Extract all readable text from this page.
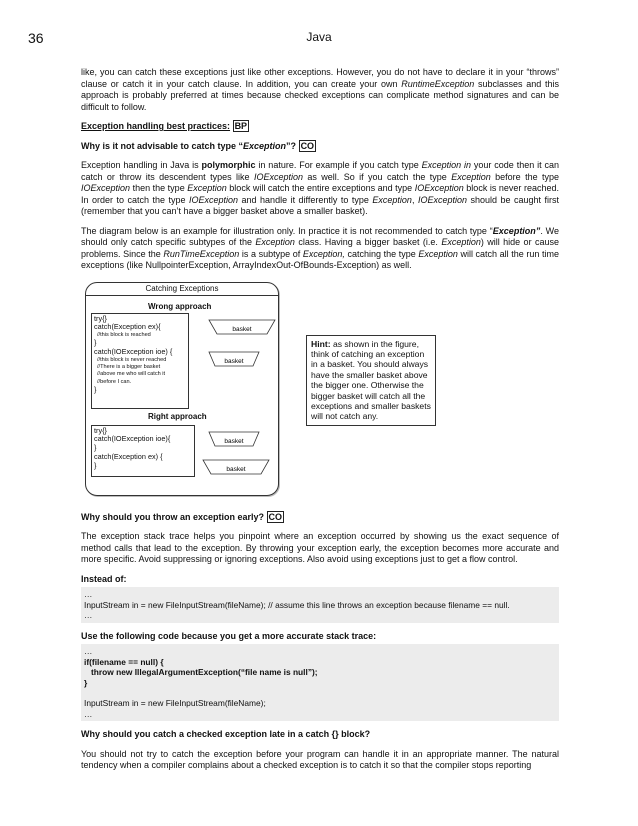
36	Java

like, you can catch these exceptions just like other exceptions. However, you do not have to declare it in your “throws” clause or catch it in your catch clause. In addition, you can create your own RuntimeException subclasses and this approach is probably preferred at times because checked exceptions can complicate method signatures and can be difficult to follow.

Exception handling best practices: BP
Why is it not advisable to catch type “Exception”? CO

Exception handling in Java is polymorphic in nature. For example if you catch type Exception in your code then it can catch or throw its descendent types like IOException as well. So if you catch the type Exception before the type IOException then the type Exception block will catch the entire exceptions and type IOException block is never reached. In order to catch the type IOException and handle it differently to type Exception, IOException should be caught first (remember that you can’t have a bigger basket above a smaller basket).

The diagram below is an example for illustration only. In practice it is not recommended to catch type “Exception”. We should only catch specific subtypes of the Exception class. Having a bigger basket (i.e. Exception) will hide or cause problems. Since the RunTimeException is a subtype of Exception, catching the type Exception will catch all the run time exceptions (like NullpointerException, ArrayIndexOut-OfBounds-Exception) as well.

Catching Exceptions
Wrong approach
try{}
catch(Exception ex){
//this block is reached
}
catch(IOException ioe) {
//this block is never reached
//There is a bigger basket
//above me who will catch it
//before I can.
}
basket
basket
Right approach
try{}
catch(IOException ioe){
}
catch(Exception ex) {
}
basket
basket
Hint: as shown in the figure, think of catching an exception in a basket. You should always have the smaller basket above the bigger one. Otherwise the bigger basket will catch all the exceptions and smaller baskets will not catch any.
Why should you throw an exception early? CO

The exception stack trace helps you pinpoint where an exception occurred by showing us the exact sequence of method calls that lead to the exception. By throwing your exception early, the exception becomes more accurate and more specific. Avoid suppressing or ignoring exceptions. Also avoid using exceptions just to get a flow control.

Instead of:
…
InputStream in = new FileInputStream(fileName); // assume this line throws an exception because filename == null.
…
Use the following code because you get a more accurate stack trace:
…
if(filename == null) {
throw new IllegalArgumentException(“file name is null”);
}
InputStream in = new FileInputStream(fileName);
…
Why should you catch a checked exception late in a catch {} block?

You should not try to catch the exception before your program can handle it in an appropriate manner. The natural tendency when a compiler complains about a checked exception is to catch it so that the compiler stops reporting
